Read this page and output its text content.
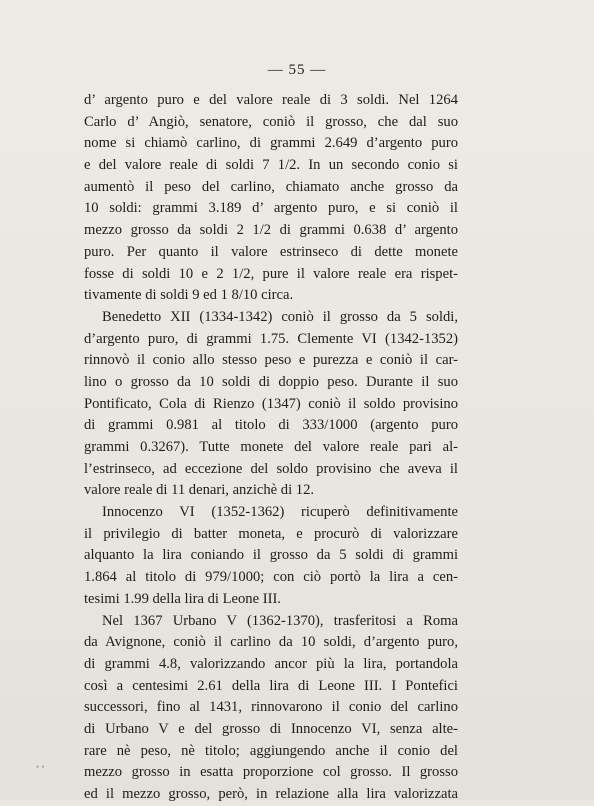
— 55 —
d’ argento puro e del valore reale di 3 soldi. Nel 1264
Carlo d’ Angiò, senatore, coniò il grosso, che dal suo
nome si chiamò carlino, di grammi 2.649 d’argento puro
e del valore reale di soldi 7 1/2. In un secondo conio si
aumentò il peso del carlino, chiamato anche grosso da
10 soldi: grammi 3.189 d’ argento puro, e si coniò il
mezzo grosso da soldi 2 1/2 di grammi 0.638 d’ argento
puro. Per quanto il valore estrinseco di dette monete
fosse di soldi 10 e 2 1/2, pure il valore reale era rispet-
tivamente di soldi 9 ed 1 8/10 circa.
Benedetto XII (1334-1342) coniò il grosso da 5 soldi,
d’argento puro, di grammi 1.75. Clemente VI (1342-1352)
rinnovò il conio allo stesso peso e purezza e coniò il car-
lino o grosso da 10 soldi di doppio peso. Durante il suo
Pontificato, Cola di Rienzo (1347) coniò il soldo provisino
di grammi 0.981 al titolo di 333/1000 (argento puro
grammi 0.3267). Tutte monete del valore reale pari al-
l’estrinseco, ad eccezione del soldo provisino che aveva il
valore reale di 11 denari, anzichè di 12.
Innocenzo VI (1352-1362) ricuperò definitivamente
il privilegio di batter moneta, e procurò di valorizzare
alquanto la lira coniando il grosso da 5 soldi di grammi
1.864 al titolo di 979/1000; con ciò portò la lira a cen-
tesimi 1.99 della lira di Leone III.
Nel 1367 Urbano V (1362-1370), trasferitosi a Roma
da Avignone, coniò il carlino da 10 soldi, d’argento puro,
di grammi 4.8, valorizzando ancor più la lira, portandola
così a centesimi 2.61 della lira di Leone III. I Pontefici
successori, fino al 1431, rinnovarono il conio del carlino
di Urbano V e del grosso di Innocenzo VI, senza alte-
rare nè peso, nè titolo; aggiungendo anche il conio del
mezzo grosso in esatta proporzione col grosso. Il grosso
ed il mezzo grosso, però, in relazione alla lira valorizzata
• •
